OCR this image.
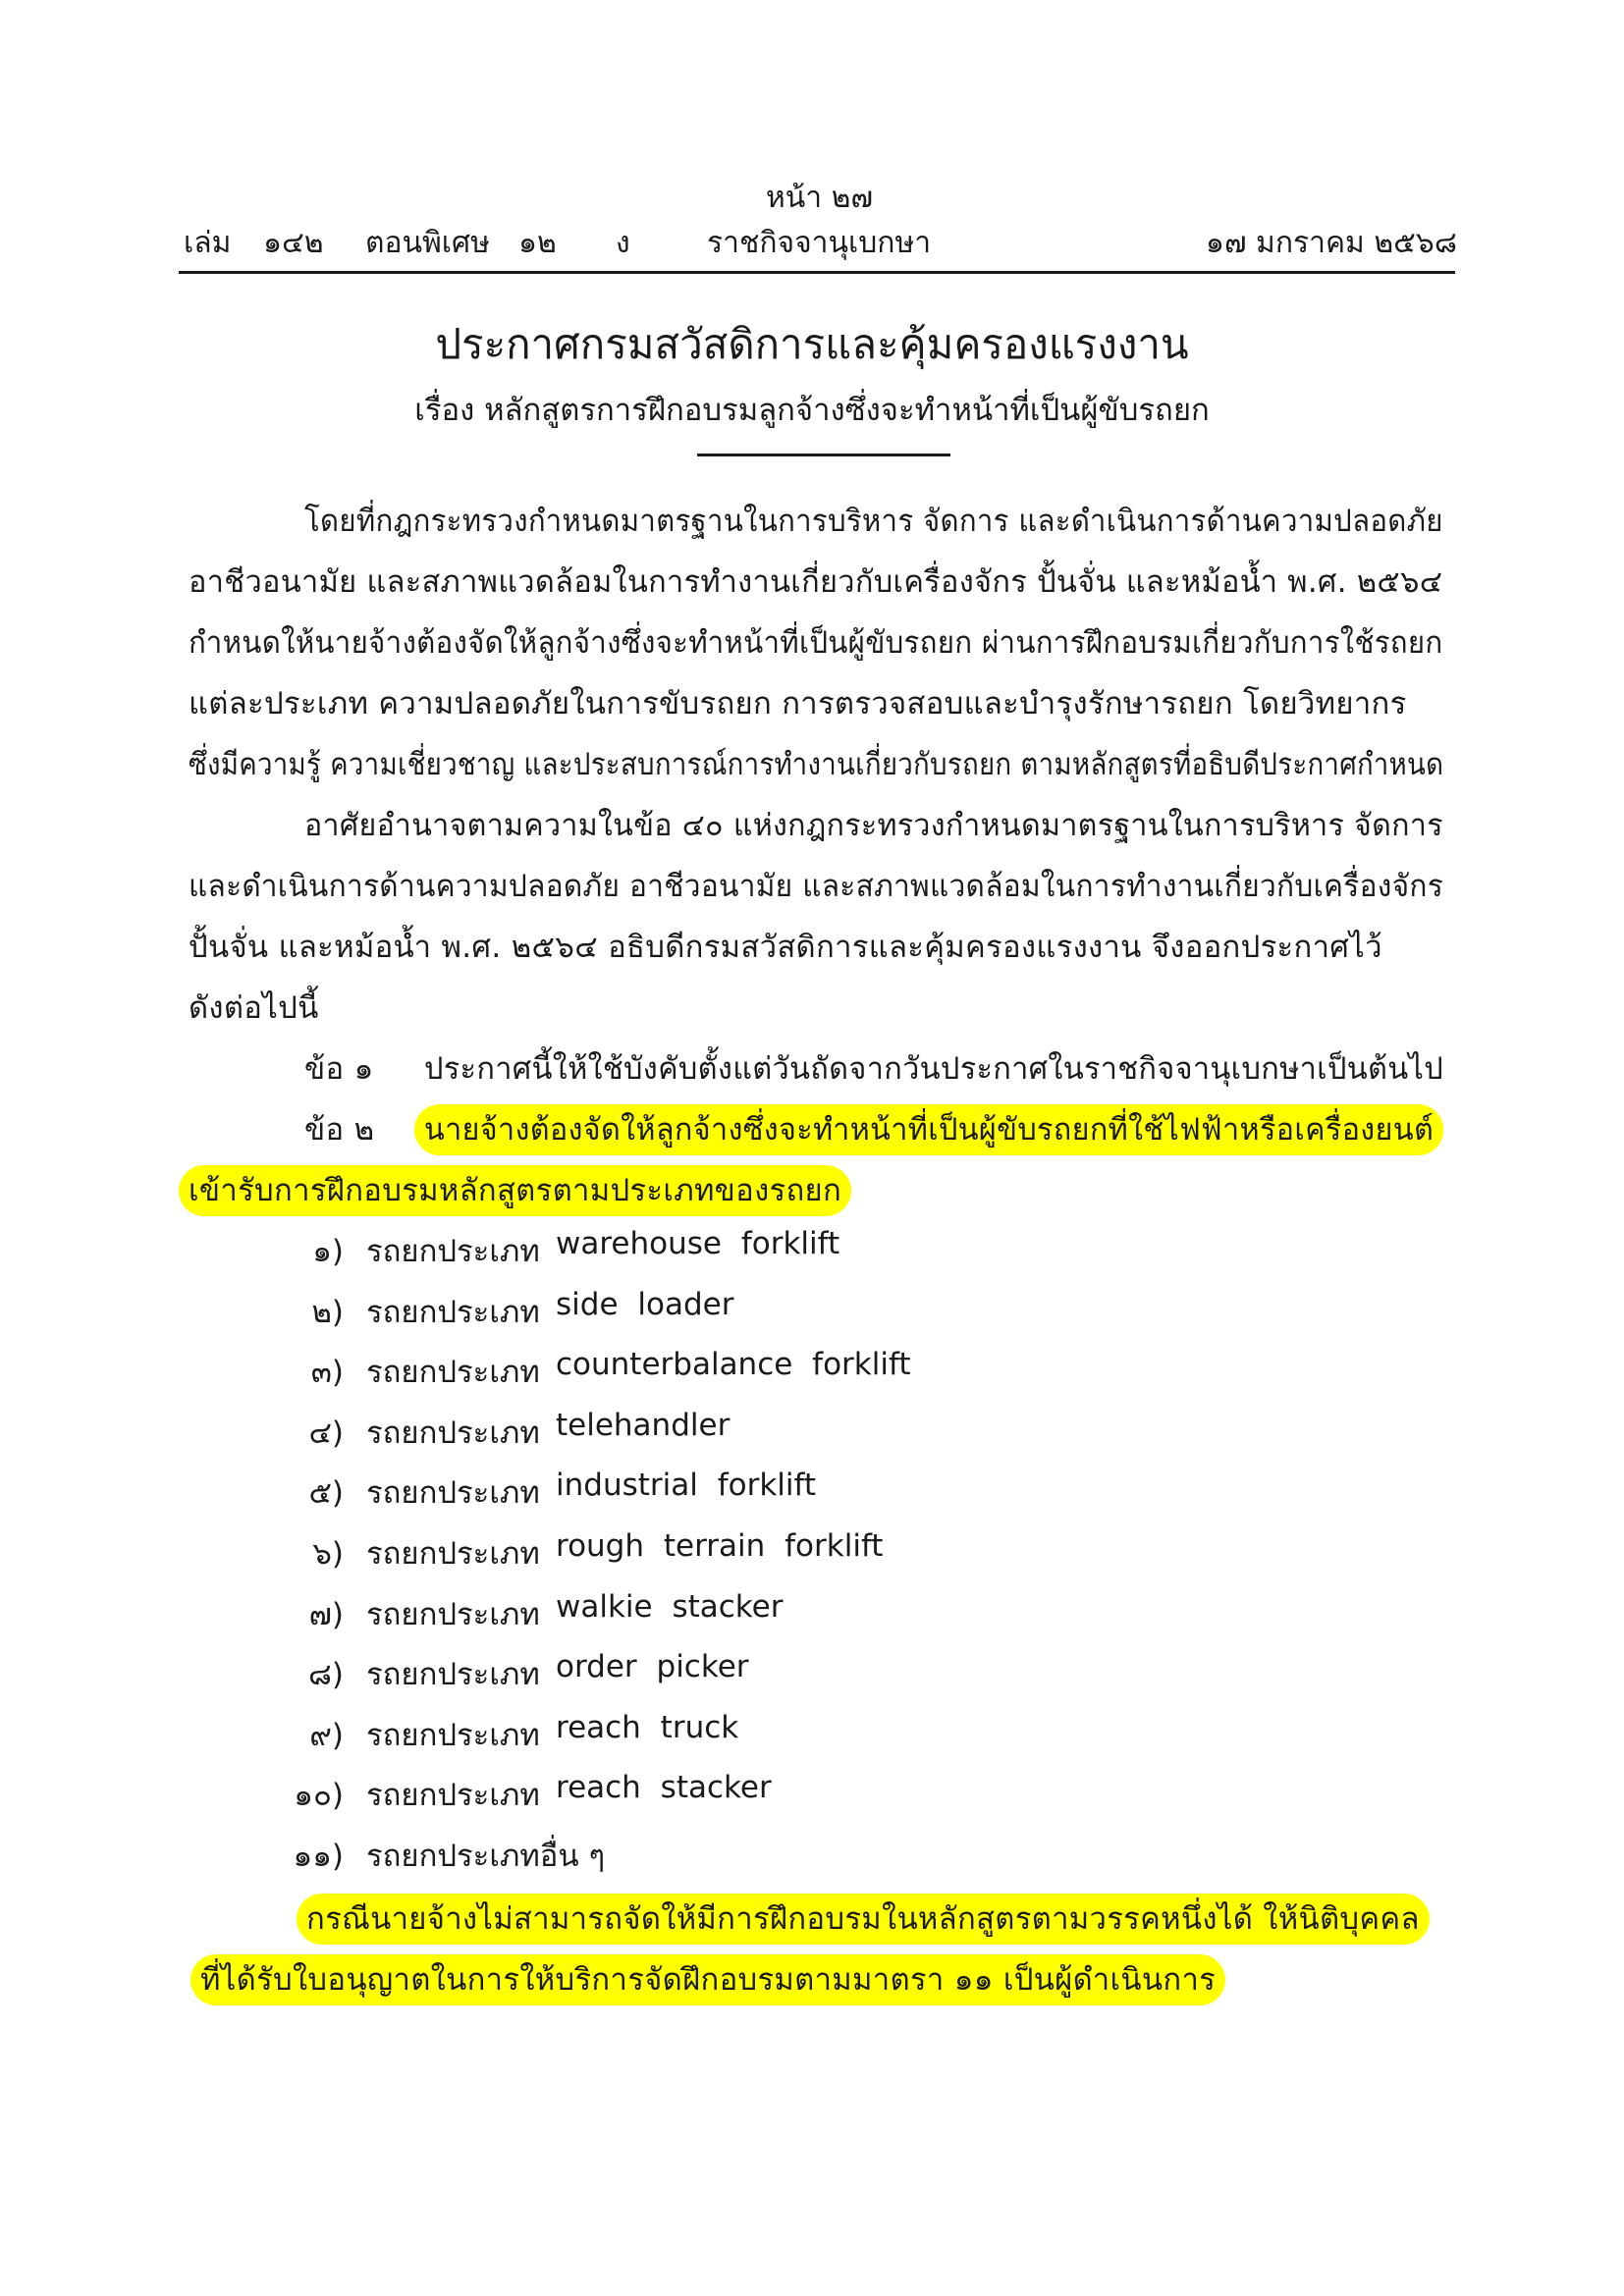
หน้า ๒๗
เล่ม ๑๔๒ ตอนพิเศษ ๑๒ ง	ราชกิจจานุเบกษา	๑๗ มกราคม ๒๕๖๘
ประกาศกรมสวัสดิการและคุ้มครองแรงงาน
เรื่อง หลักสูตรการฝึกอบรมลูกจ้างซึ่งจะทำหน้าที่เป็นผู้ขับรถยก
โดยที่กฎกระทรวงกำหนดมาตรฐานในการบริหาร จัดการ และดำเนินการด้านความปลอดภัย
อาชีวอนามัย และสภาพแวดล้อมในการทำงานเกี่ยวกับเครื่องจักร ปั้นจั่น และหม้อน้ำ พ.ศ. ๒๕๖๔
กำหนดให้นายจ้างต้องจัดให้ลูกจ้างซึ่งจะทำหน้าที่เป็นผู้ขับรถยก ผ่านการฝึกอบรมเกี่ยวกับการใช้รถยก
แต่ละประเภท ความปลอดภัยในการขับรถยก การตรวจสอบและบำรุงรักษารถยก โดยวิทยากร
ซึ่งมีความรู้ ความเชี่ยวชาญ และประสบการณ์การทำงานเกี่ยวกับรถยก ตามหลักสูตรที่อธิบดีประกาศกำหนด
อาศัยอำนาจตามความในข้อ ๔๐ แห่งกฎกระทรวงกำหนดมาตรฐานในการบริหาร จัดการ
และดำเนินการด้านความปลอดภัย อาชีวอนามัย และสภาพแวดล้อมในการทำงานเกี่ยวกับเครื่องจักร
ปั้นจั่น และหม้อน้ำ พ.ศ. ๒๕๖๔ อธิบดีกรมสวัสดิการและคุ้มครองแรงงาน จึงออกประกาศไว้
ดังต่อไปนี้
ข้อ ๑ ประกาศนี้ให้ใช้บังคับตั้งแต่วันถัดจากวันประกาศในราชกิจจานุเบกษาเป็นต้นไป
ข้อ ๒	นายจ้างต้องจัดให้ลูกจ้างซึ่งจะทำหน้าที่เป็นผู้ขับรถยกที่ใช้ไฟฟ้าหรือเครื่องยนต์
เข้ารับการฝึกอบรมหลักสูตรตามประเภทของรถยก
๑) รถยกประเภท warehouse forklift
๒) รถยกประเภท side loader
๓) รถยกประเภท counterbalance forklift
๔) รถยกประเภท telehandler
๕) รถยกประเภท industrial forklift
๖) รถยกประเภท rough terrain forklift
๗) รถยกประเภท walkie stacker
๘) รถยกประเภท order picker
๙) รถยกประเภท reach truck
๑๐) รถยกประเภท reach stacker
๑๑) รถยกประเภทอื่น ๆ
กรณีนายจ้างไม่สามารถจัดให้มีการฝึกอบรมในหลักสูตรตามวรรคหนึ่งได้ ให้นิติบุคคล
ที่ได้รับใบอนุญาตในการให้บริการจัดฝึกอบรมตามมาตรา ๑๑ เป็นผู้ดำเนินการ
